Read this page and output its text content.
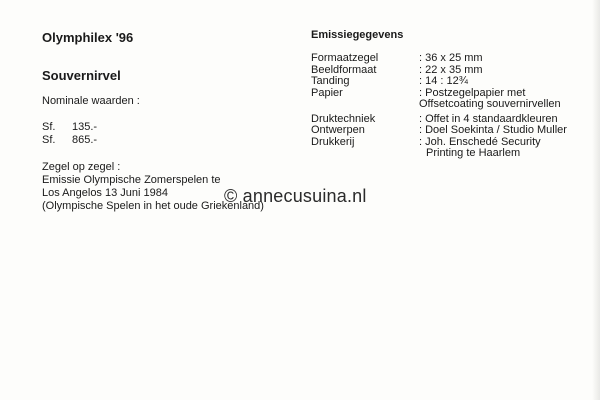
Olymphilex '96
Souvernirvel
Nominale waarden :
Sf.	135.-
Sf.	865.-
Zegel op zegel :
Emissie Olympische Zomerspelen te
Los Angelos 13 Juni 1984
(Olympische Spelen in het oude Griekenland)
Emissiegegevens
Formaatzegel	: 36 x 25 mm
Beeldformaat	: 22 x 35 mm
Tanding	: 14 : 12¾
Papier	: Postzegelpapier met
Offsetcoating souvernirvellen
Druktechniek	: Offet in 4 standaardkleuren
Ontwerpen	: Doel Soekinta / Studio Muller
Drukkerij	: Joh. Enschedé Security
Printing te Haarlem
© annecusuina.nl
